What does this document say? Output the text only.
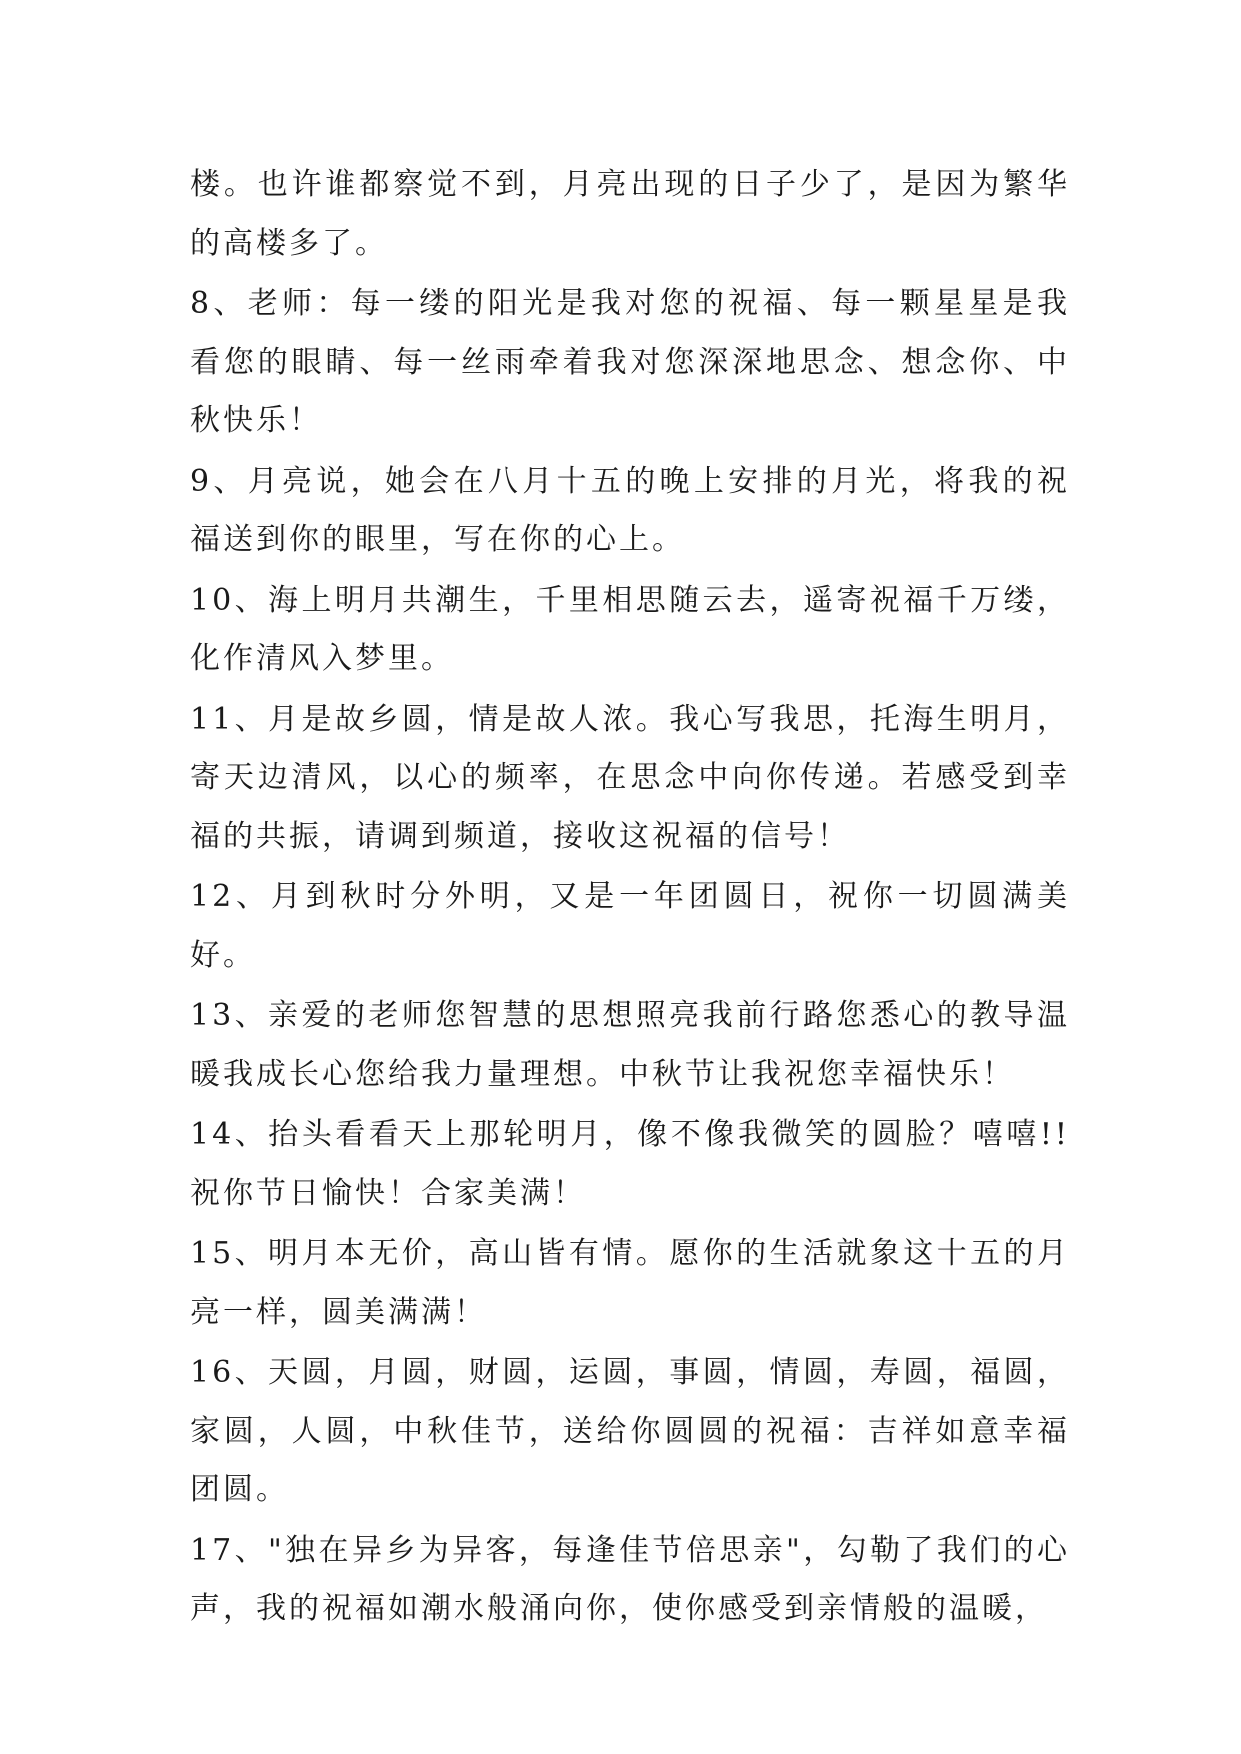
楼。也许谁都察觉不到，月亮出现的日子少了，是因为繁华的高楼多了。

8、老师：每一缕的阳光是我对您的祝福、每一颗星星是我看您的眼睛、每一丝雨牵着我对您深深地思念、想念你、中秋快乐！

9、月亮说，她会在八月十五的晚上安排的月光，将我的祝福送到你的眼里，写在你的心上。

10、海上明月共潮生，千里相思随云去，遥寄祝福千万缕，化作清风入梦里。

11、月是故乡圆，情是故人浓。我心写我思，托海生明月，寄天边清风，以心的频率，在思念中向你传递。若感受到幸福的共振，请调到频道，接收这祝福的信号！

12、月到秋时分外明，又是一年团圆日，祝你一切圆满美好。

13、亲爱的老师您智慧的思想照亮我前行路您悉心的教导温暖我成长心您给我力量理想。中秋节让我祝您幸福快乐！

14、抬头看看天上那轮明月，像不像我微笑的圆脸？嘻嘻!!祝你节日愉快！合家美满！

15、明月本无价，高山皆有情。愿你的生活就象这十五的月亮一样，圆美满满！

16、天圆，月圆，财圆，运圆，事圆，情圆，寿圆，福圆，家圆，人圆，中秋佳节，送给你圆圆的祝福：吉祥如意幸福团圆。

17、"独在异乡为异客，每逢佳节倍思亲"，勾勒了我们的心声，我的祝福如潮水般涌向你，使你感受到亲情般的温暖，
